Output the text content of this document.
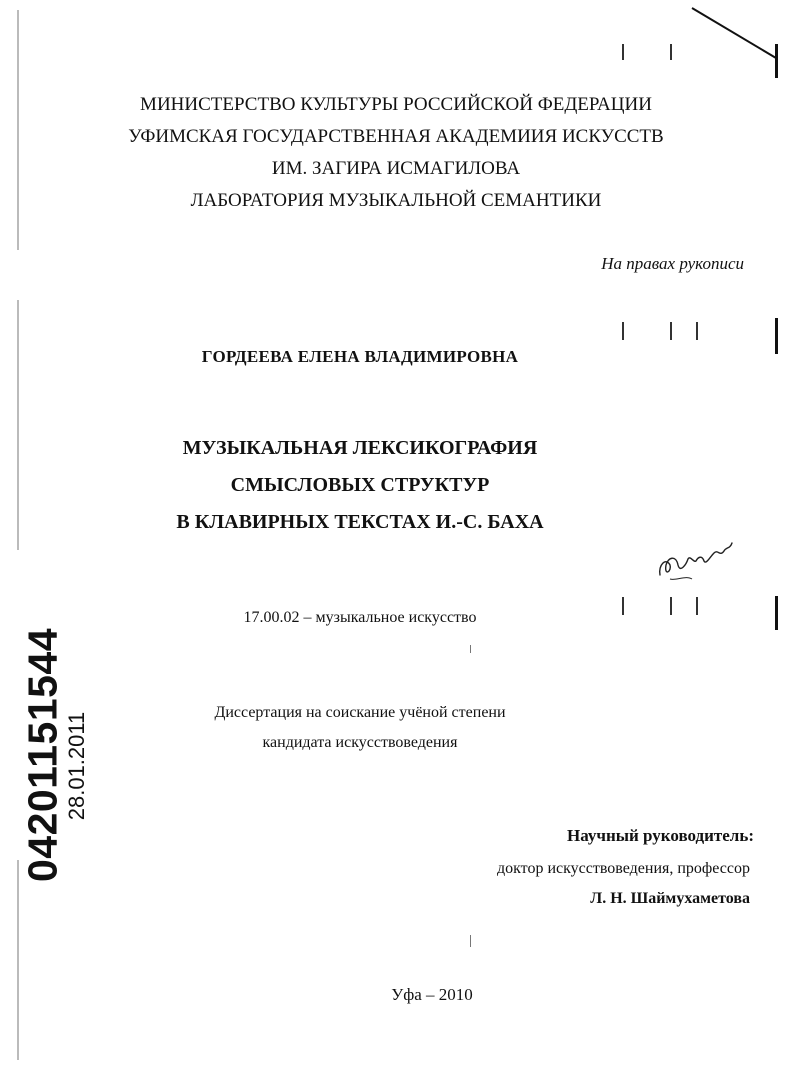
04201151544
28.01.2011
МИНИСТЕРСТВО КУЛЬТУРЫ РОССИЙСКОЙ ФЕДЕРАЦИИ
УФИМСКАЯ ГОСУДАРСТВЕННАЯ АКАДЕМИИЯ ИСКУССТВ
ИМ. ЗАГИРА ИСМАГИЛОВА
ЛАБОРАТОРИЯ МУЗЫКАЛЬНОЙ СЕМАНТИКИ
На правах рукописи
ГОРДЕЕВА ЕЛЕНА ВЛАДИМИРОВНА
МУЗЫКАЛЬНАЯ ЛЕКСИКОГРАФИЯ
СМЫСЛОВЫХ СТРУКТУР
В КЛАВИРНЫХ ТЕКСТАХ И.-С. БАХА
17.00.02 – музыкальное искусство
Диссертация на соискание учёной степени
кандидата искусствоведения
Научный руководитель:
доктор искусствоведения, профессор
Л. Н. Шаймухаметова
Уфа – 2010
